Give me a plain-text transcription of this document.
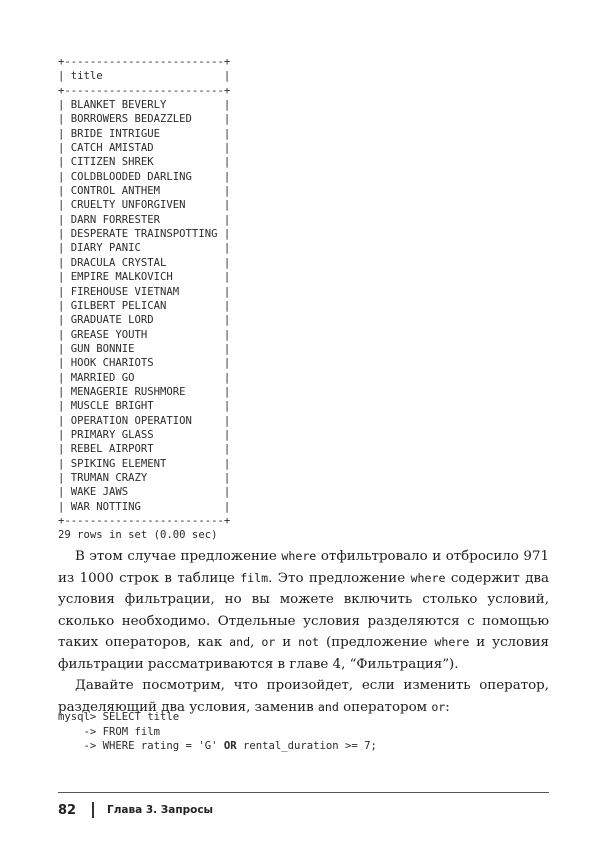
+-------------------------+
| title                   |
+-------------------------+
| BLANKET BEVERLY         |
| BORROWERS BEDAZZLED     |
| BRIDE INTRIGUE          |
| CATCH AMISTAD           |
| CITIZEN SHREK           |
| COLDBLOODED DARLING     |
| CONTROL ANTHEM          |
| CRUELTY UNFORGIVEN      |
| DARN FORRESTER          |
| DESPERATE TRAINSPOTTING |
| DIARY PANIC             |
| DRACULA CRYSTAL         |
| EMPIRE MALKOVICH        |
| FIREHOUSE VIETNAM       |
| GILBERT PELICAN         |
| GRADUATE LORD           |
| GREASE YOUTH            |
| GUN BONNIE              |
| HOOK CHARIOTS           |
| MARRIED GO              |
| MENAGERIE RUSHMORE      |
| MUSCLE BRIGHT           |
| OPERATION OPERATION     |
| PRIMARY GLASS           |
| REBEL AIRPORT           |
| SPIKING ELEMENT         |
| TRUMAN CRAZY            |
| WAKE JAWS               |
| WAR NOTTING             |
+-------------------------+
29 rows in set (0.00 sec)

В этом случае предложение where отфильтровало и отбросило 971 из 1000 строк в таблице film. Это предложение where содержит два условия фильтрации, но вы можете включить столько условий, сколько необходимо. Отдельные условия разделяются с помощью таких операторов, как and, or и not (предложение where и условия фильтрации рассматриваются в главе 4, “Фильтрация”).

Давайте посмотрим, что произойдет, если изменить оператор, разделяющий два условия, заменив and оператором or:

mysql> SELECT title
-> FROM film
-> WHERE rating = 'G' OR rental_duration >= 7;
82	Глава 3. Запросы
